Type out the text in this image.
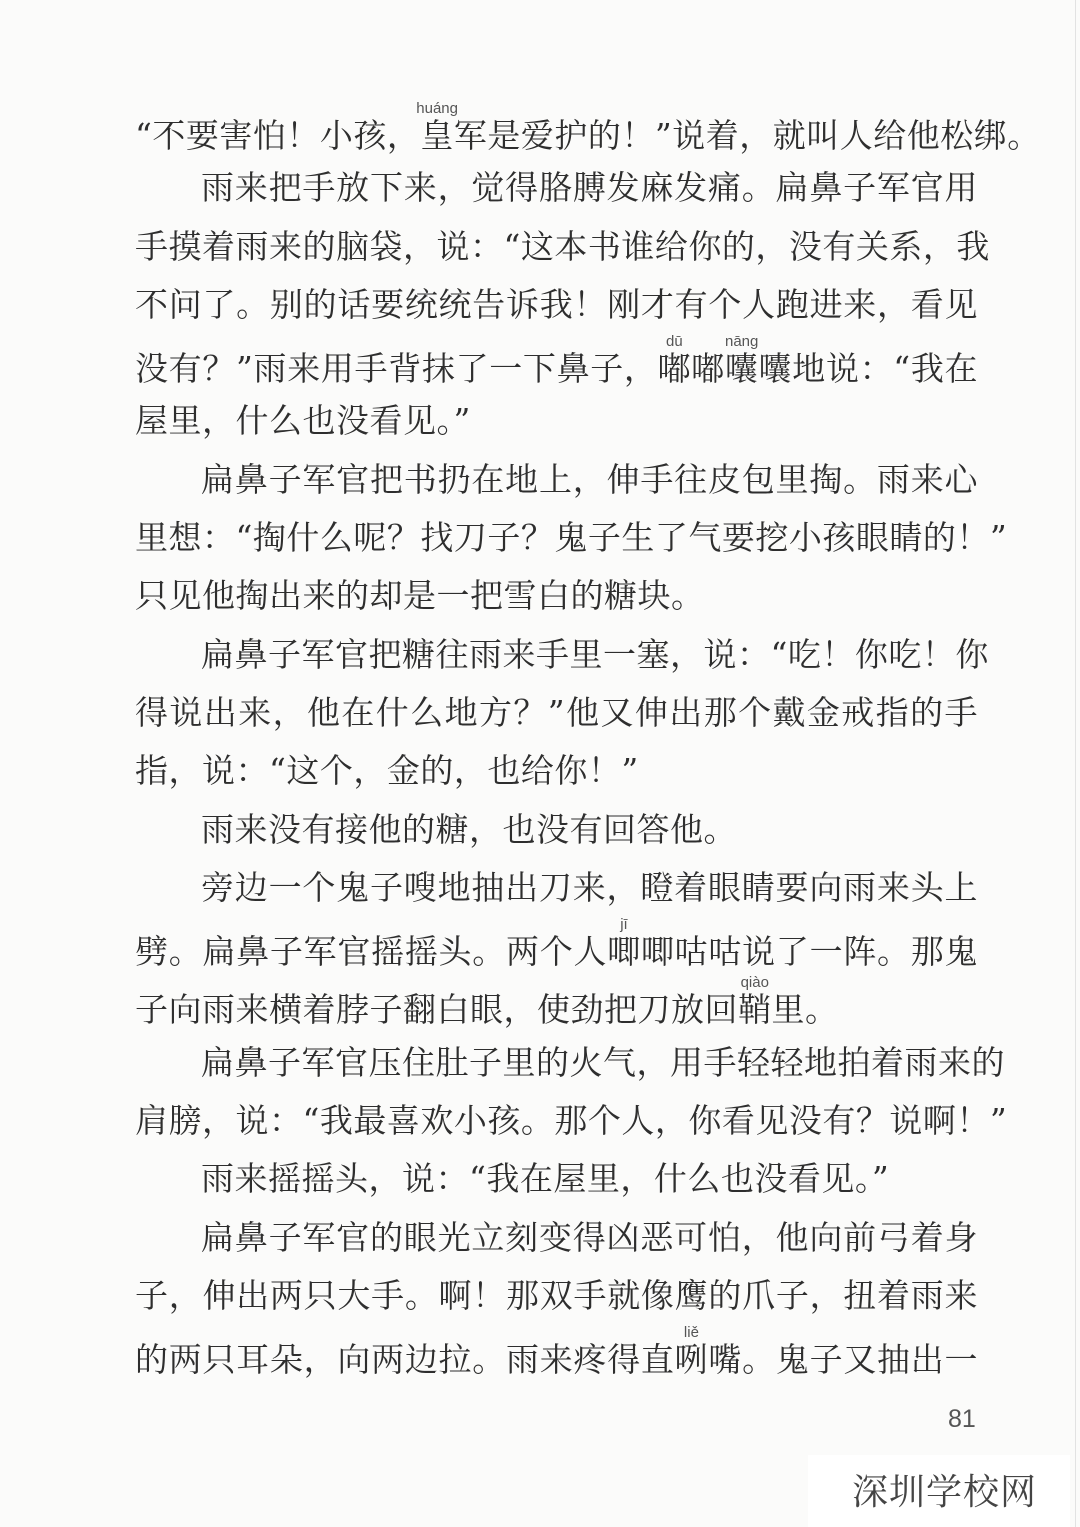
“不要害怕！小孩，皇huáng军是爱护的！”说着，就叫人给他松绑。
雨来把手放下来，觉得胳膊发麻发痛。扁鼻子军官用
手摸着雨来的脑袋，说：“这本书谁给你的，没有关系，我
不问了。别的话要统统告诉我！刚才有个人跑进来，看见
没有？”雨来用手背抹了一下鼻子，嘟dū嘟囔nāng囔地说：“我在
屋里，什么也没看见。”
扁鼻子军官把书扔在地上，伸手往皮包里掏。雨来心
里想：“掏什么呢？找刀子？鬼子生了气要挖小孩眼睛的！”
只见他掏出来的却是一把雪白的糖块。
扁鼻子军官把糖往雨来手里一塞，说：“吃！你吃！你
得说出来，他在什么地方？”他又伸出那个戴金戒指的手
指，说：“这个，金的，也给你！”
雨来没有接他的糖，也没有回答他。
旁边一个鬼子嗖地抽出刀来，瞪着眼睛要向雨来头上
劈。扁鼻子军官摇摇头。两个人唧jī唧咕咕说了一阵。那鬼
子向雨来横着脖子翻白眼，使劲把刀放回鞘qiào里。
扁鼻子军官压住肚子里的火气，用手轻轻地拍着雨来的
肩膀，说：“我最喜欢小孩。那个人，你看见没有？说啊！”
雨来摇摇头，说：“我在屋里，什么也没看见。”
扁鼻子军官的眼光立刻变得凶恶可怕，他向前弓着身
子，伸出两只大手。啊！那双手就像鹰的爪子，扭着雨来
的两只耳朵，向两边拉。雨来疼得直咧liě嘴。鬼子又抽出一
81
深圳学校网
